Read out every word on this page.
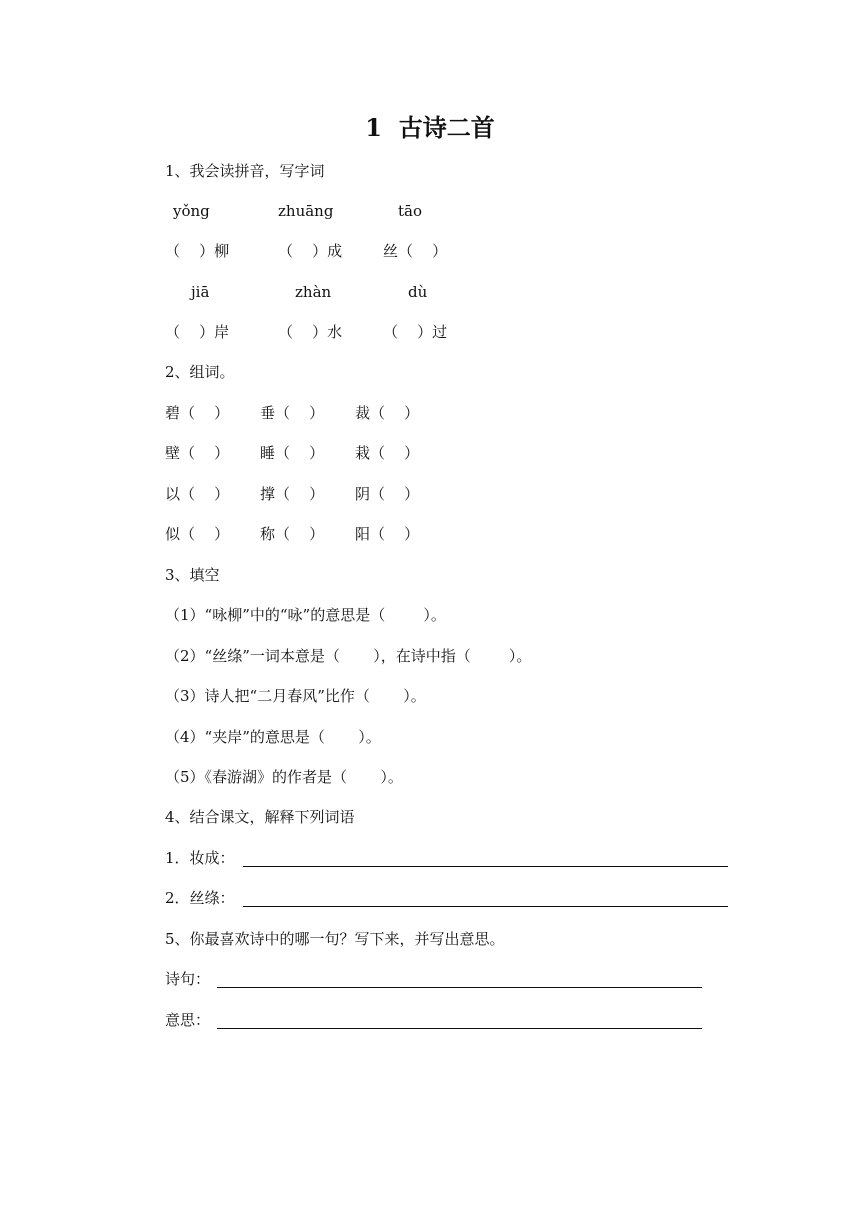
1  古诗二首
1、我会读拼音，写字词
yǒng	zhuāng	tāo
（    ）柳	（    ）成	丝（    ）
jiā	zhàn	dù
（    ）岸	（    ）水	（    ）过
2、组词。
碧（    ） 垂（    ） 裁（    ）
壁（    ） 睡（    ） 栽（    ）
以（    ） 撑（    ） 阴（    ）
似（    ） 称（    ） 阳（    ）
3、填空
（1）“咏柳”中的“咏”的意思是（        ）。
（2）“丝绦”一词本意是（       ），在诗中指（        ）。
（3）诗人把“二月春风”比作（       ）。
（4）“夹岸”的意思是（       ）。
（5）《春游湖》的作者是（       ）。
4、结合课文，解释下列词语
1．妆成：
2．丝绦：
5、你最喜欢诗中的哪一句？写下来，并写出意思。
诗句：
意思：
